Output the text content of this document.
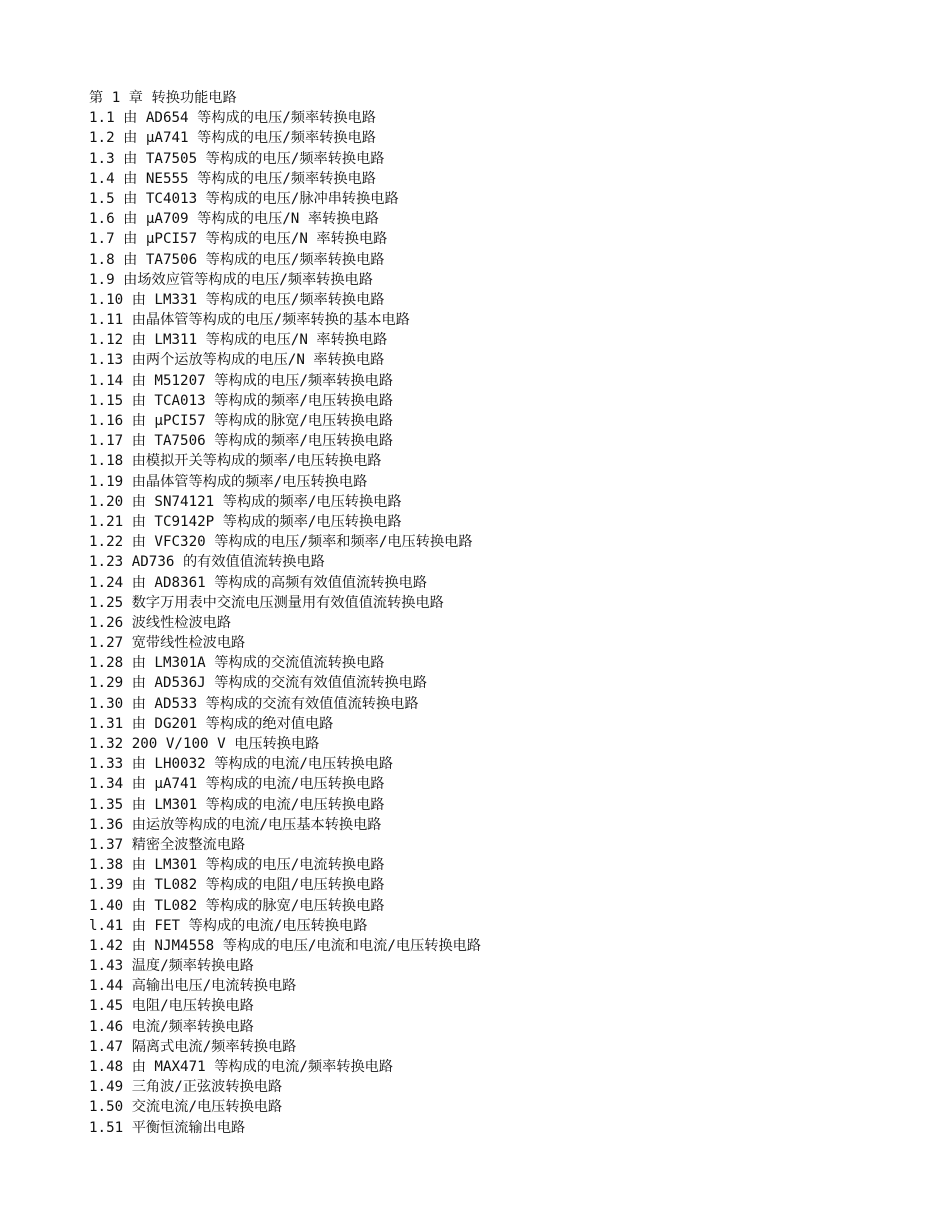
第 1 章 转换功能电路
1.1 由 AD654 等构成的电压/频率转换电路
1.2 由 μA741 等构成的电压/频率转换电路
1.3 由 TA7505 等构成的电压/频率转换电路
1.4 由 NE555 等构成的电压/频率转换电路
1.5 由 TC4013 等构成的电压/脉冲串转换电路
1.6 由 μA709 等构成的电压/N 率转换电路
1.7 由 μPCI57 等构成的电压/N 率转换电路
1.8 由 TA7506 等构成的电压/频率转换电路
1.9 由场效应管等构成的电压/频率转换电路
1.10 由 LM331 等构成的电压/频率转换电路
1.11 由晶体管等构成的电压/频率转换的基本电路
1.12 由 LM311 等构成的电压/N 率转换电路
1.13 由两个运放等构成的电压/N 率转换电路
1.14 由 M51207 等构成的电压/频率转换电路
1.15 由 TCA013 等构成的频率/电压转换电路
1.16 由 μPCI57 等构成的脉宽/电压转换电路
1.17 由 TA7506 等构成的频率/电压转换电路
1.18 由模拟开关等构成的频率/电压转换电路
1.19 由晶体管等构成的频率/电压转换电路
1.20 由 SN74121 等构成的频率/电压转换电路
1.21 由 TC9142P 等构成的频率/电压转换电路
1.22 由 VFC320 等构成的电压/频率和频率/电压转换电路
1.23 AD736 的有效值值流转换电路
1.24 由 AD8361 等构成的高频有效值值流转换电路
1.25 数字万用表中交流电压测量用有效值值流转换电路
1.26 波线性检波电路
1.27 宽带线性检波电路
1.28 由 LM301A 等构成的交流值流转换电路
1.29 由 AD536J 等构成的交流有效值值流转换电路
1.30 由 AD533 等构成的交流有效值值流转换电路
1.31 由 DG201 等构成的绝对值电路
1.32 200 V/100 V 电压转换电路
1.33 由 LH0032 等构成的电流/电压转换电路
1.34 由 μA741 等构成的电流/电压转换电路
1.35 由 LM301 等构成的电流/电压转换电路
1.36 由运放等构成的电流/电压基本转换电路
1.37 精密全波整流电路
1.38 由 LM301 等构成的电压/电流转换电路
1.39 由 TL082 等构成的电阻/电压转换电路
1.40 由 TL082 等构成的脉宽/电压转换电路
l.41 由 FET 等构成的电流/电压转换电路
1.42 由 NJM4558 等构成的电压/电流和电流/电压转换电路
1.43 温度/频率转换电路
1.44 高输出电压/电流转换电路
1.45 电阻/电压转换电路
1.46 电流/频率转换电路
1.47 隔离式电流/频率转换电路
1.48 由 MAX471 等构成的电流/频率转换电路
1.49 三角波/正弦波转换电路
1.50 交流电流/电压转换电路
1.51 平衡恒流输出电路
